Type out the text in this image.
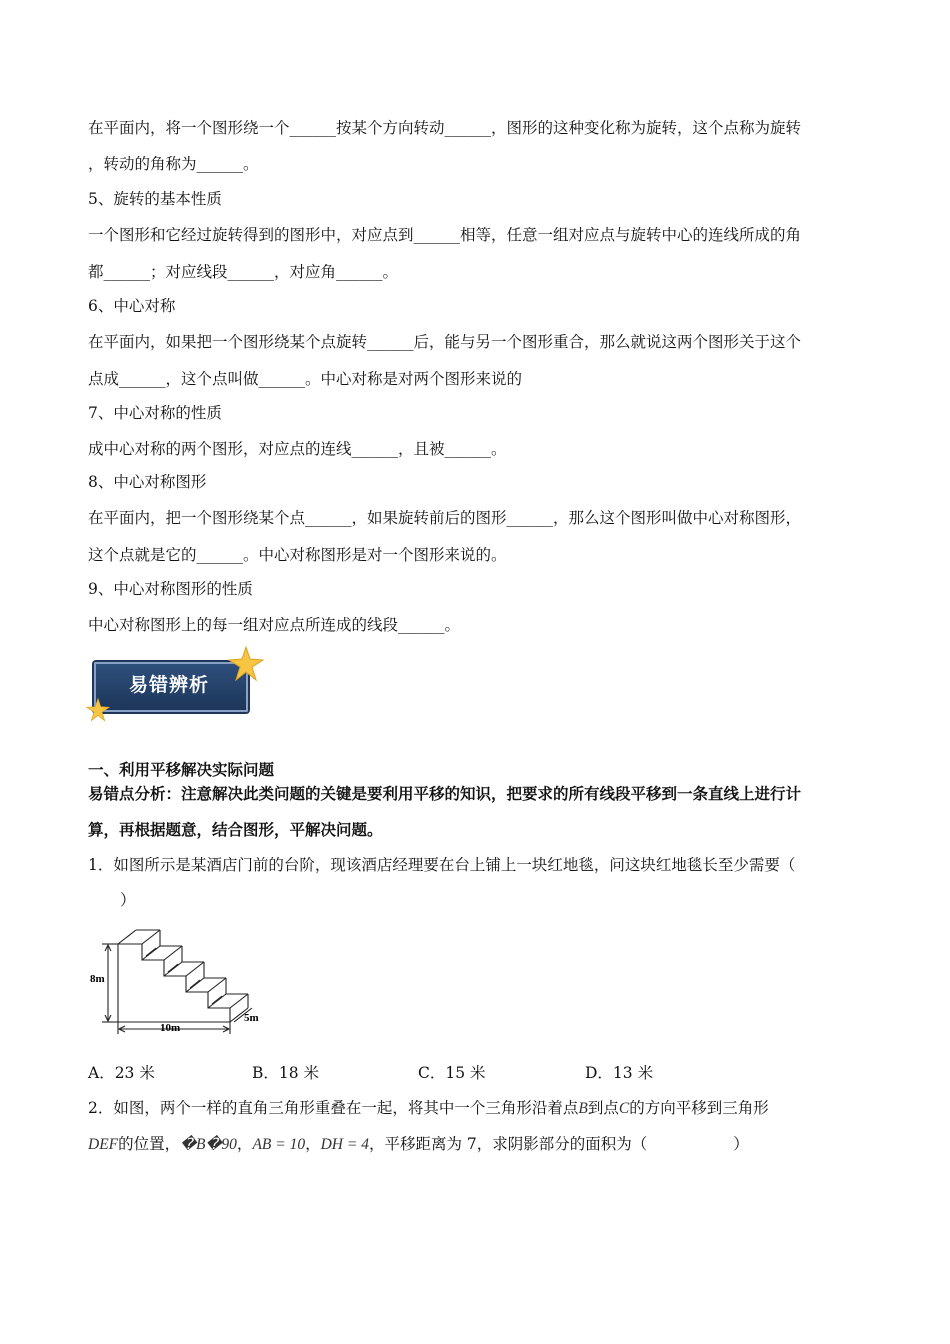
在平面内，将一个图形绕一个______按某个方向转动______，图形的这种变化称为旋转，这个点称为旋转
，转动的角称为______。
5、旋转的基本性质
一个图形和它经过旋转得到的图形中，对应点到______相等，任意一组对应点与旋转中心的连线所成的角
都______；对应线段______，对应角______。
6、中心对称
在平面内，如果把一个图形绕某个点旋转______后，能与另一个图形重合，那么就说这两个图形关于这个
点成______，这个点叫做______。中心对称是对两个图形来说的
7、中心对称的性质
成中心对称的两个图形，对应点的连线______，且被______。
8、中心对称图形
在平面内，把一个图形绕某个点______，如果旋转前后的图形______，那么这个图形叫做中心对称图形，
这个点就是它的______。中心对称图形是对一个图形来说的。
9、中心对称图形的性质
中心对称图形上的每一组对应点所连成的线段______。
易错辨析
一、利用平移解决实际问题
易错点分析：注意解决此类问题的关键是要利用平移的知识，把要求的所有线段平移到一条直线上进行计
算，再根据题意，结合图形，平解决问题。
1．如图所示是某酒店门前的台阶，现该酒店经理要在台上铺上一块红地毯，问这块红地毯长至少需要（
）
8m
10m
5m
A．23 米	B．18 米	C．15 米	D．13 米
2．如图，两个一样的直角三角形重叠在一起，将其中一个三角形沿着点B到点C的方向平移到三角形
DEF的位置，�B�90，AB = 10，DH = 4，平移距离为 7，求阴影部分的面积为（	）
